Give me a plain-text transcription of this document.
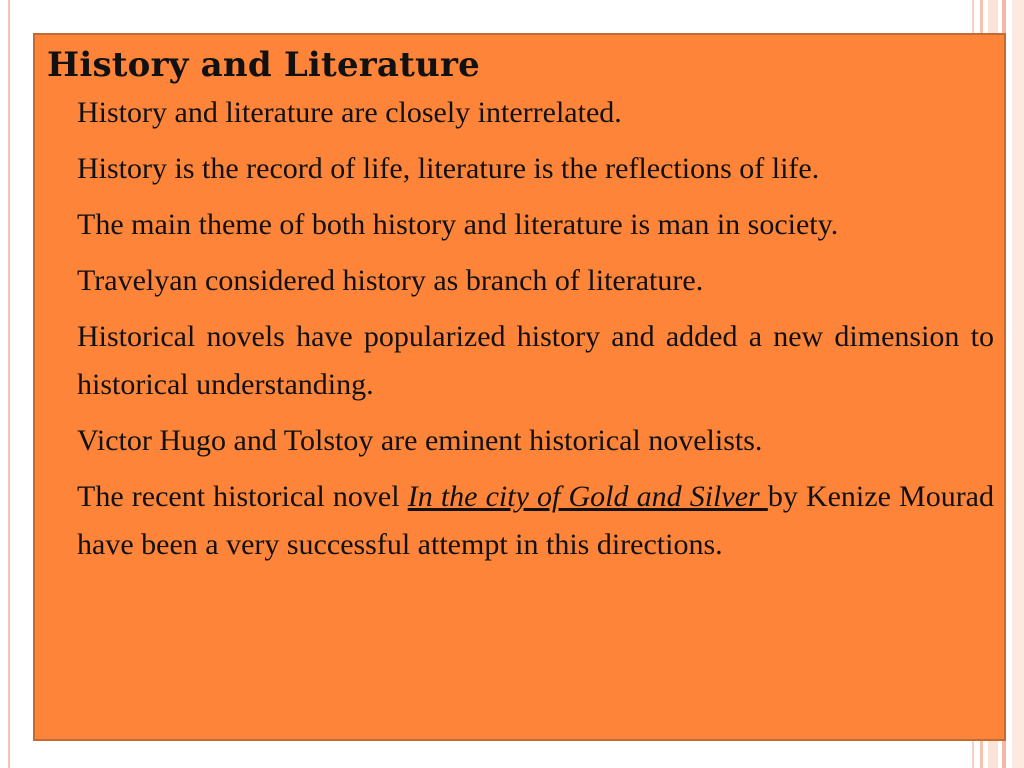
History and Literature
History and literature are closely interrelated.
History is the record of life, literature is the reflections of life.
The main theme of both history and literature is man in society.
Travelyan considered history as branch of literature.
Historical novels have popularized history and added a new dimension to historical understanding.
Victor Hugo and Tolstoy are eminent historical novelists.
The recent historical novel In the city of Gold and Silver by Kenize Mourad have been a very successful attempt in this directions.
